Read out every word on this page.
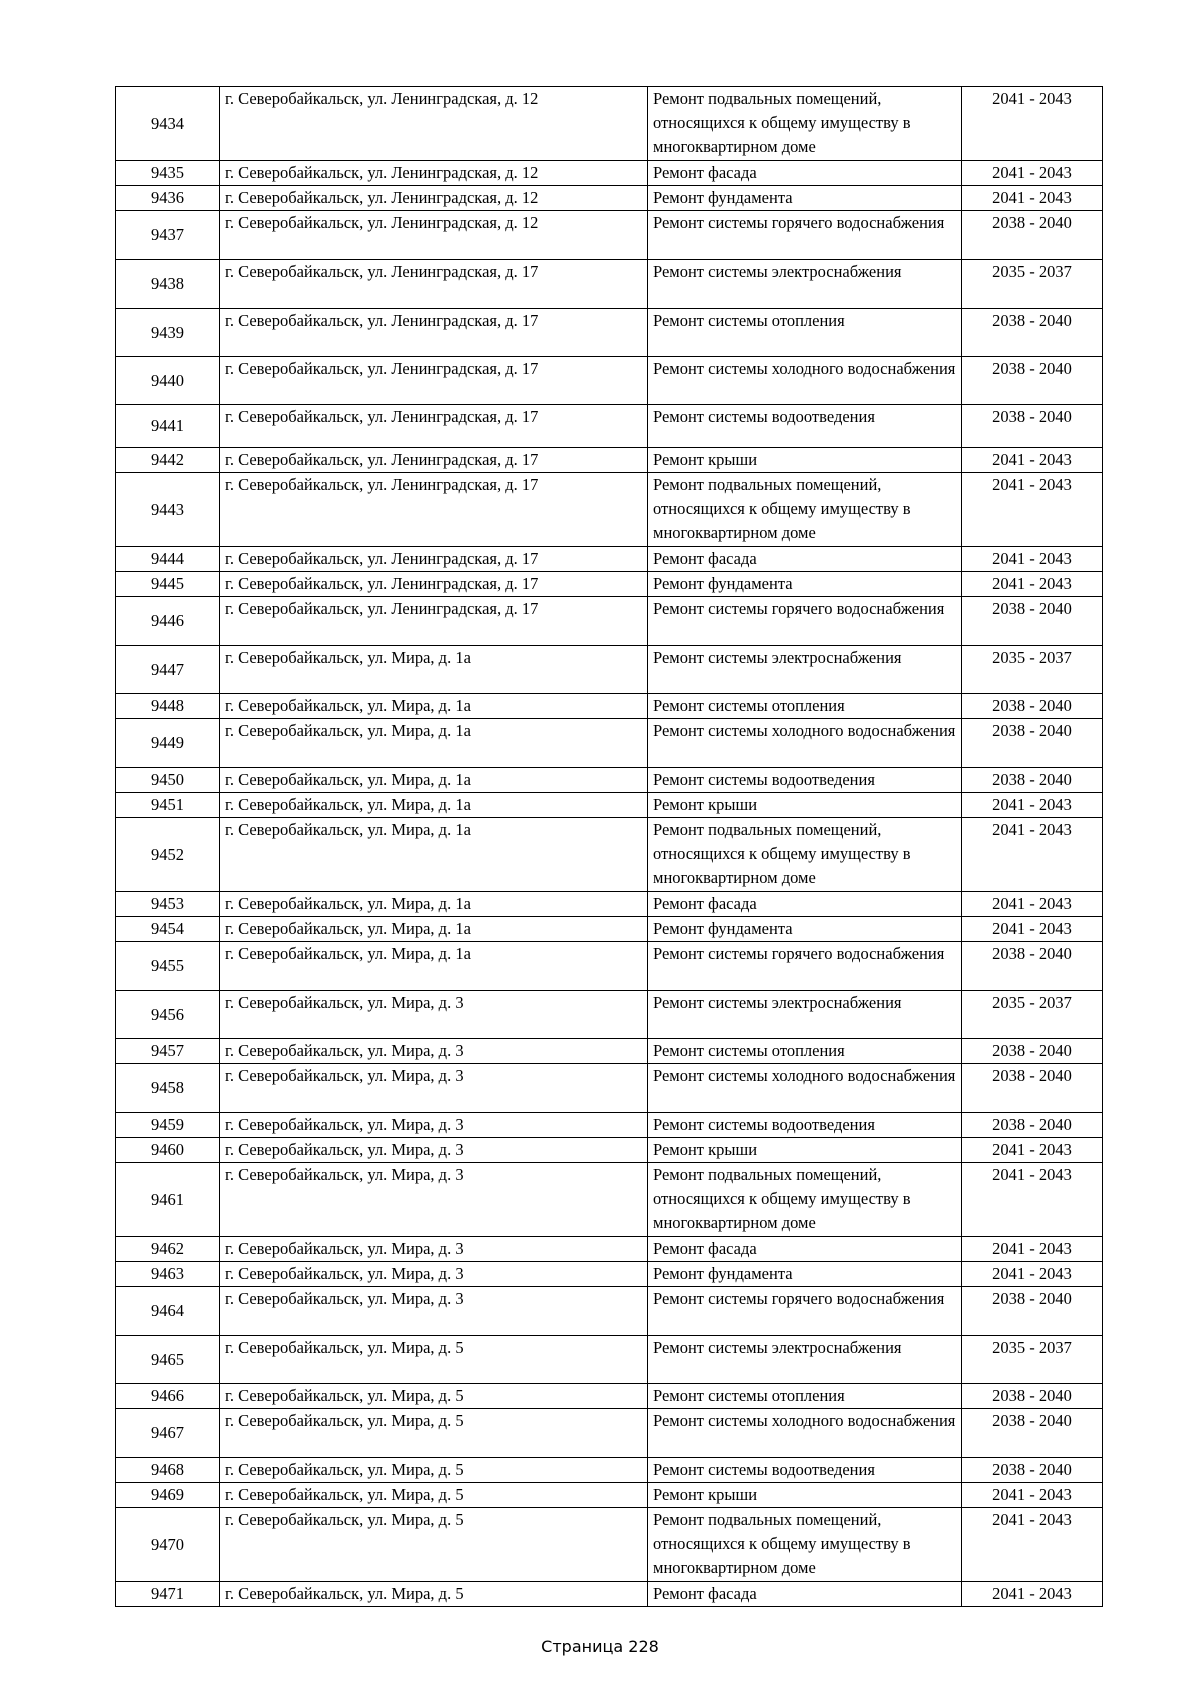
9434	г. Северобайкальск, ул. Ленинградская, д. 12	Ремонт подвальных помещений, относящихся к общему имуществу в многоквартирном доме	2041 - 2043
9435	г. Северобайкальск, ул. Ленинградская, д. 12	Ремонт фасада	2041 - 2043
9436	г. Северобайкальск, ул. Ленинградская, д. 12	Ремонт фундамента	2041 - 2043
9437	г. Северобайкальск, ул. Ленинградская, д. 12	Ремонт системы горячего водоснабжения	2038 - 2040
9438	г. Северобайкальск, ул. Ленинградская, д. 17	Ремонт системы электроснабжения	2035 - 2037
9439	г. Северобайкальск, ул. Ленинградская, д. 17	Ремонт системы отопления	2038 - 2040
9440	г. Северобайкальск, ул. Ленинградская, д. 17	Ремонт системы холодного водоснабжения	2038 - 2040
9441	г. Северобайкальск, ул. Ленинградская, д. 17	Ремонт системы водоотведения	2038 - 2040
9442	г. Северобайкальск, ул. Ленинградская, д. 17	Ремонт крыши	2041 - 2043
9443	г. Северобайкальск, ул. Ленинградская, д. 17	Ремонт подвальных помещений, относящихся к общему имуществу в многоквартирном доме	2041 - 2043
9444	г. Северобайкальск, ул. Ленинградская, д. 17	Ремонт фасада	2041 - 2043
9445	г. Северобайкальск, ул. Ленинградская, д. 17	Ремонт фундамента	2041 - 2043
9446	г. Северобайкальск, ул. Ленинградская, д. 17	Ремонт системы горячего водоснабжения	2038 - 2040
9447	г. Северобайкальск, ул. Мира, д. 1а	Ремонт системы электроснабжения	2035 - 2037
9448	г. Северобайкальск, ул. Мира, д. 1а	Ремонт системы отопления	2038 - 2040
9449	г. Северобайкальск, ул. Мира, д. 1а	Ремонт системы холодного водоснабжения	2038 - 2040
9450	г. Северобайкальск, ул. Мира, д. 1а	Ремонт системы водоотведения	2038 - 2040
9451	г. Северобайкальск, ул. Мира, д. 1а	Ремонт крыши	2041 - 2043
9452	г. Северобайкальск, ул. Мира, д. 1а	Ремонт подвальных помещений, относящихся к общему имуществу в многоквартирном доме	2041 - 2043
9453	г. Северобайкальск, ул. Мира, д. 1а	Ремонт фасада	2041 - 2043
9454	г. Северобайкальск, ул. Мира, д. 1а	Ремонт фундамента	2041 - 2043
9455	г. Северобайкальск, ул. Мира, д. 1а	Ремонт системы горячего водоснабжения	2038 - 2040
9456	г. Северобайкальск, ул. Мира, д. 3	Ремонт системы электроснабжения	2035 - 2037
9457	г. Северобайкальск, ул. Мира, д. 3	Ремонт системы отопления	2038 - 2040
9458	г. Северобайкальск, ул. Мира, д. 3	Ремонт системы холодного водоснабжения	2038 - 2040
9459	г. Северобайкальск, ул. Мира, д. 3	Ремонт системы водоотведения	2038 - 2040
9460	г. Северобайкальск, ул. Мира, д. 3	Ремонт крыши	2041 - 2043
9461	г. Северобайкальск, ул. Мира, д. 3	Ремонт подвальных помещений, относящихся к общему имуществу в многоквартирном доме	2041 - 2043
9462	г. Северобайкальск, ул. Мира, д. 3	Ремонт фасада	2041 - 2043
9463	г. Северобайкальск, ул. Мира, д. 3	Ремонт фундамента	2041 - 2043
9464	г. Северобайкальск, ул. Мира, д. 3	Ремонт системы горячего водоснабжения	2038 - 2040
9465	г. Северобайкальск, ул. Мира, д. 5	Ремонт системы электроснабжения	2035 - 2037
9466	г. Северобайкальск, ул. Мира, д. 5	Ремонт системы отопления	2038 - 2040
9467	г. Северобайкальск, ул. Мира, д. 5	Ремонт системы холодного водоснабжения	2038 - 2040
9468	г. Северобайкальск, ул. Мира, д. 5	Ремонт системы водоотведения	2038 - 2040
9469	г. Северобайкальск, ул. Мира, д. 5	Ремонт крыши	2041 - 2043
9470	г. Северобайкальск, ул. Мира, д. 5	Ремонт подвальных помещений, относящихся к общему имуществу в многоквартирном доме	2041 - 2043
9471	г. Северобайкальск, ул. Мира, д. 5	Ремонт фасада	2041 - 2043
Страница 228
